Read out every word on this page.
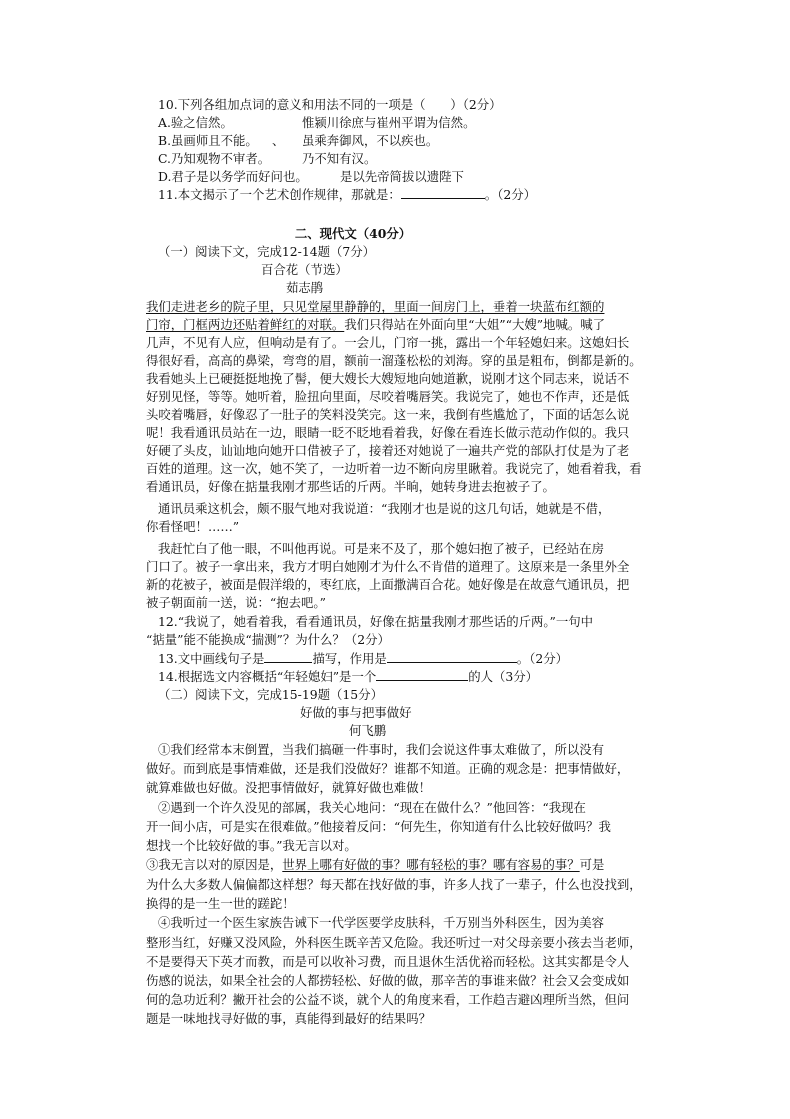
10.下列各组加点词的意义和用法不同的一项是（　　）（2分）
A.验之信然。	惟颍川徐庶与崔州平谓为信然。
B.虽画师且不能。 、 虽乘奔御风，不以疾也。
C.乃知观物不审者。	乃不知有汉。
D.君子是以务学而好问也。	是以先帝简拔以遗陛下
11.本文揭示了一个艺术创作规律，那就是：	。（2分）
二、现代文（40分）
（一）阅读下文，完成12-14题（7分）
百合花（节选）
茹志鹃
我们走进老乡的院子里，只见堂屋里静静的，里面一间房门上，垂着一块蓝布红额的
门帘，门框两边还贴着鲜红的对联。我们只得站在外面向里“大姐”“大嫂”地喊。喊了
几声，不见有人应，但响动是有了。一会儿，门帘一挑，露出一个年轻媳妇来。这媳妇长
得很好看，高高的鼻梁，弯弯的眉，额前一溜蓬松松的刘海。穿的虽是粗布，倒都是新的。
我看她头上已硬挺挺地挽了髻，便大嫂长大嫂短地向她道歉，说刚才这个同志来，说话不
好别见怪，等等。她听着，脸扭向里面，尽咬着嘴唇笑。我说完了，她也不作声，还是低
头咬着嘴唇，好像忍了一肚子的笑料没笑完。这一来，我倒有些尴尬了，下面的话怎么说
呢！我看通讯员站在一边，眼睛一眨不眨地看着我，好像在看连长做示范动作似的。我只
好硬了头皮，讪讪地向她开口借被子了，接着还对她说了一遍共产党的部队打仗是为了老
百姓的道理。这一次，她不笑了，一边听着一边不断向房里瞅着。我说完了，她看着我，看
看通讯员，好像在掂量我刚才那些话的斤两。半晌，她转身进去抱被子了。
通讯员乘这机会，颇不服气地对我说道：“我刚才也是说的这几句话，她就是不借，
你看怪吧！……”
我赶忙白了他一眼，不叫他再说。可是来不及了，那个媳妇抱了被子，已经站在房
门口了。被子一拿出来，我方才明白她刚才为什么不肯借的道理了。这原来是一条里外全
新的花被子，被面是假洋缎的，枣红底，上面撒满百合花。她好像是在故意气通讯员，把
被子朝面前一送，说：“抱去吧。”
12.“我说了，她看着我，看看通讯员，好像在掂量我刚才那些话的斤两。”一句中
“掂量”能不能换成“揣测”？为什么？（2分）
13.文中画线句子是	描写，作用是	。（2分）
14.根据选文内容概括“年轻媳妇”是一个	的人（3分）
（二）阅读下文，完成15-19题（15分）
好做的事与把事做好
何飞鹏
①我们经常本末倒置，当我们搞砸一件事时，我们会说这件事太难做了，所以没有
做好。而到底是事情难做，还是我们没做好？谁都不知道。正确的观念是：把事情做好，
就算难做也好做。没把事情做好，就算好做也难做！
②遇到一个许久没见的部属，我关心地问：“现在在做什么？”他回答：“我现在
开一间小店，可是实在很难做。”他接着反问：“何先生，你知道有什么比较好做吗？我
想找一个比较好做的事。”我无言以对。
③我无言以对的原因是，世界上哪有好做的事？哪有轻松的事？哪有容易的事？可是
为什么大多数人偏偏都这样想？每天都在找好做的事，许多人找了一辈子，什么也没找到，
换得的是一生一世的蹉跎！
④我听过一个医生家族告诫下一代学医要学皮肤科，千万别当外科医生，因为美容
整形当红，好赚又没风险，外科医生既辛苦又危险。我还听过一对父母亲要小孩去当老师，
不是要得天下英才而教，而是可以收补习费，而且退休生活优裕而轻松。这其实都是令人
伤感的说法，如果全社会的人都捞轻松、好做的做，那辛苦的事谁来做？社会又会变成如
何的急功近利？撇开社会的公益不谈，就个人的角度来看，工作趋吉避凶理所当然，但问
题是一味地找寻好做的事，真能得到最好的结果吗？
